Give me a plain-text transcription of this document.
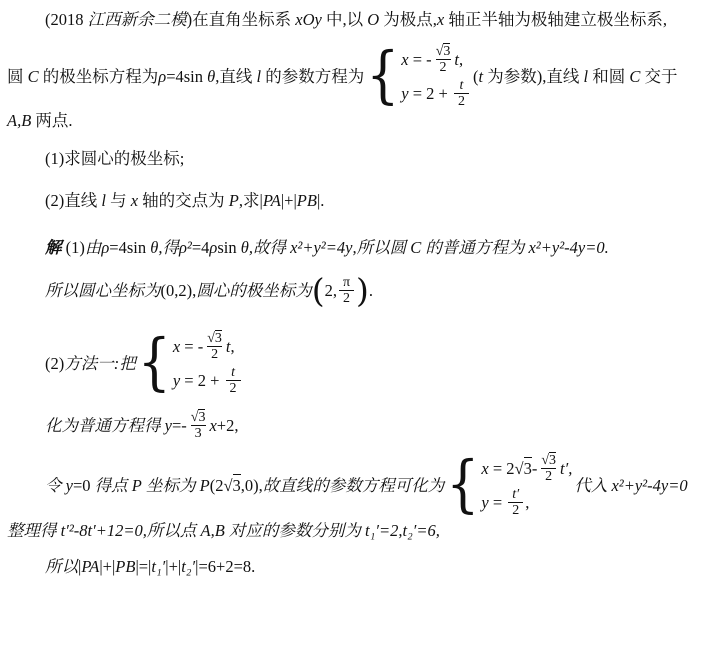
(2018 江西新余二模 )在直角坐标系 xOy 中,以 O 为极点, x 轴正半轴为极轴建立极坐标系,
圆 C 的极坐标方程为 ρ =4sin θ ,直线 l 的参数方程为 { x = - $\frac{√ 3}{2}$ t ,
$y = 2 + \frac{t}{2}$
( t 为参数),直线 l 和圆 C 交于
A,B 两点.
(1)求圆心的极坐标;
(2)直线 l 与 x 轴的交点为 P ,求 | PA |+| PB |.
解 (1) 由 ρ =4sin θ ,得 ρ² =4 ρ sin θ ,故得 x²+y²=4y ,所以圆 C 的普通方程为 x²+y²-4y=0.
所以圆心坐标为 (0,2), 圆心的极坐标为 ( 2, $\frac{\pi}{2}$ ) .
(2) 方法一:把 { x = - $\frac{√ 3}{2}$ t ,
$y = 2 + \frac{t}{2}$
化为普通方程得 $y =- \frac{√ 3}{3}$ x +2,
令 y =0 得点 P 坐标为 P (2 √ 3 ,0), 故直线的参数方程可化为 { x = 2 √ $3 - \frac{√ 3}{2} t'$,
$y = \frac{t'}{2}$ ,
代入 x²+y²-4y=0
整理得 t′²-8t′+12=0 ,所以点 A,B 对应的参数分别为 t₁′=2,t₂′=6,
所以 | PA |+| PB |=| t₁′ |+| t₂′ |=6+2=8.
